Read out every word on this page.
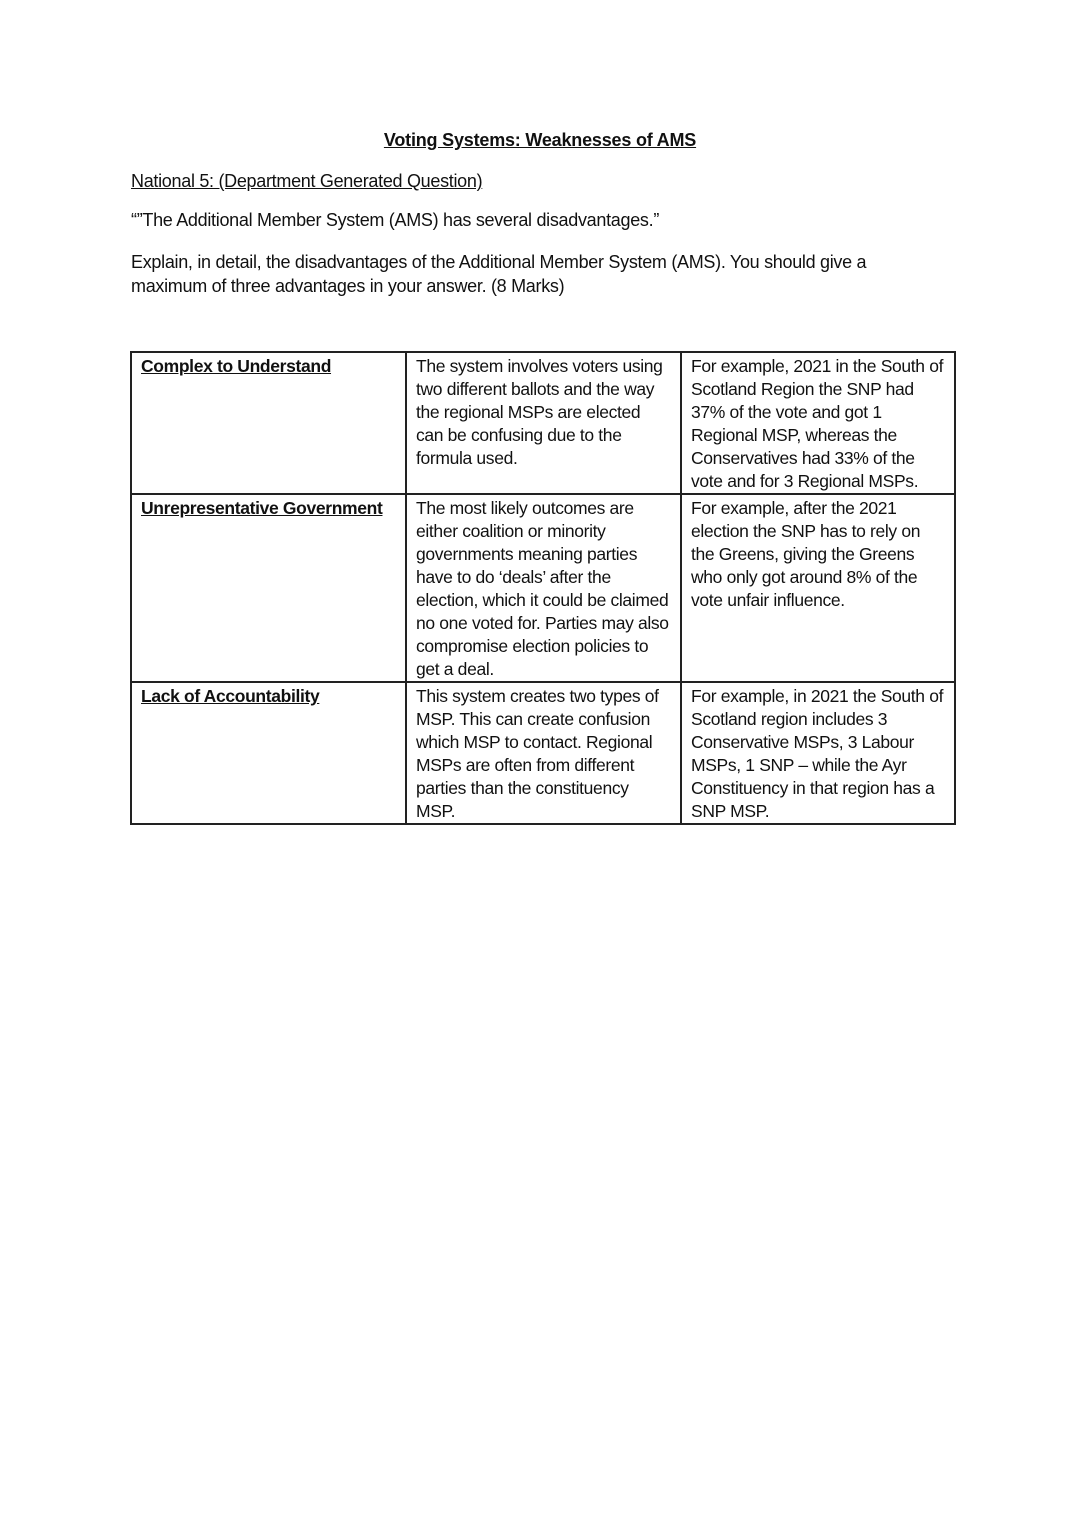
Voting Systems: Weaknesses of AMS
National 5: (Department Generated Question)
“”The Additional Member System (AMS) has several disadvantages.”
Explain, in detail, the disadvantages of the Additional Member System (AMS). You should give a maximum of three advantages in your answer. (8 Marks)
Complex to Understand	The system involves voters using two different ballots and the way the regional MSPs are elected can be confusing due to the formula used.	For example, 2021 in the South of Scotland Region the SNP had 37% of the vote and got 1 Regional MSP, whereas the Conservatives had 33% of the vote and for 3 Regional MSPs.
Unrepresentative Government	The most likely outcomes are either coalition or minority governments meaning parties have to do ‘deals’ after the election, which it could be claimed no one voted for. Parties may also compromise election policies to get a deal.	For example, after the 2021 election the SNP has to rely on the Greens, giving the Greens who only got around 8% of the vote unfair influence.
Lack of Accountability	This system creates two types of MSP. This can create confusion which MSP to contact. Regional MSPs are often from different parties than the constituency MSP.	For example, in 2021 the South of Scotland region includes 3 Conservative MSPs, 3 Labour MSPs, 1 SNP – while the Ayr Constituency in that region has a SNP MSP.
